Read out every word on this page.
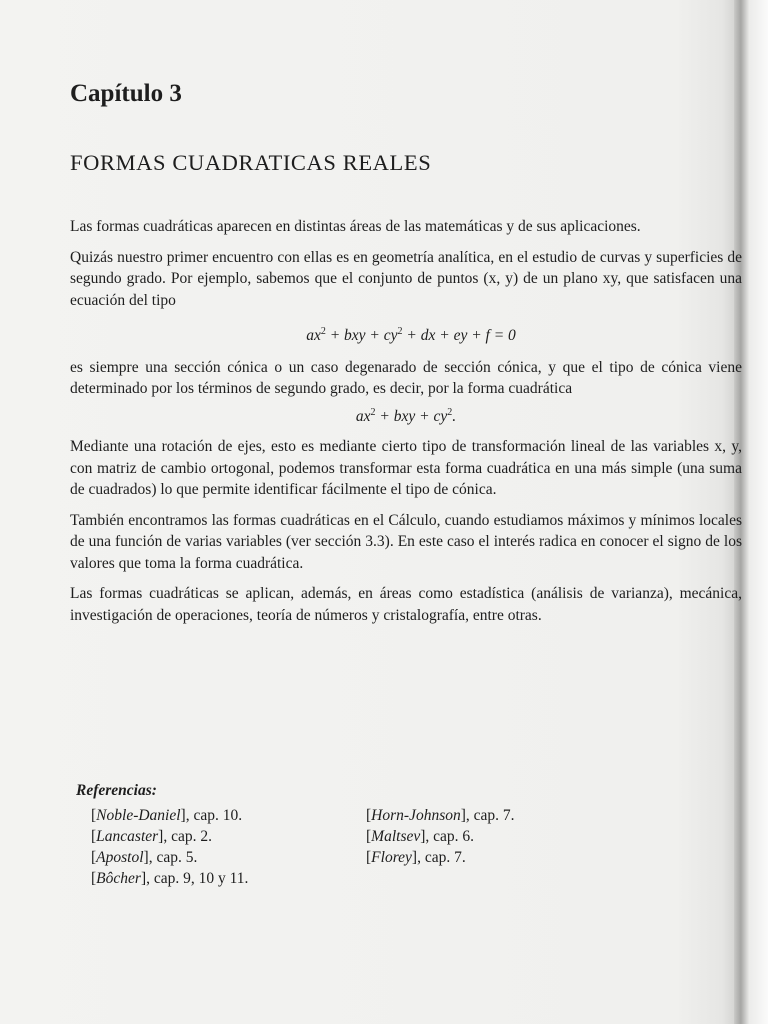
Capítulo 3
FORMAS CUADRATICAS REALES

Las formas cuadráticas aparecen en distintas áreas de las matemáticas y de sus aplicaciones.

Quizás nuestro primer encuentro con ellas es en geometría analítica, en el estudio de curvas y superficies de segundo grado. Por ejemplo, sabemos que el conjunto de puntos (x, y) de un plano xy, que satisfacen una ecuación del tipo

$ax^2$ + bxy + $cy^2$ + dx + ey + f = 0

es siempre una sección cónica o un caso degenarado de sección cónica, y que el tipo de cónica viene determinado por los términos de segundo grado, es decir, por la forma cuadrática

$ax^2$ + bxy + $cy^2$.

Mediante una rotación de ejes, esto es mediante cierto tipo de transformación lineal de las variables x, y, con matriz de cambio ortogonal, podemos transformar esta forma cuadrática en una más simple (una suma de cuadrados) lo que permite identificar fácilmente el tipo de cónica.

También encontramos las formas cuadráticas en el Cálculo, cuando estudiamos máximos y mínimos locales de una función de varias variables (ver sección 3.3). En este caso el interés radica en conocer el signo de los valores que toma la forma cuadrática.

Las formas cuadráticas se aplican, además, en áreas como estadística (análisis de varianza), mecánica, investigación de operaciones, teoría de números y cristalografía, entre otras.

Referencias:
[Noble-Daniel], cap. 10.
[Lancaster], cap. 2.
[Apostol], cap. 5.
[Bôcher], cap. 9, 10 y 11.
[Horn-Johnson], cap. 7.
[Maltsev], cap. 6.
[Florey], cap. 7.
